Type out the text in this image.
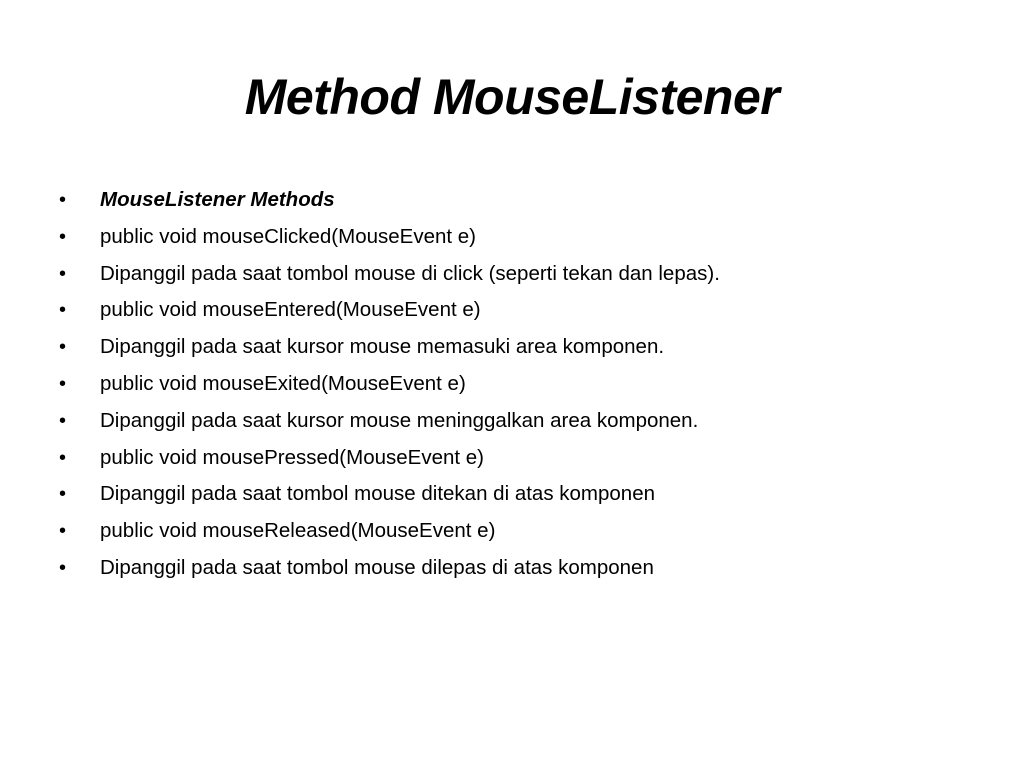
Method MouseListener
• MouseListener Methods
• public void mouseClicked(MouseEvent e)
• Dipanggil pada saat tombol mouse di click (seperti tekan dan lepas).
• public void mouseEntered(MouseEvent e)
• Dipanggil pada saat kursor mouse memasuki area komponen.
• public void mouseExited(MouseEvent e)
• Dipanggil pada saat kursor mouse meninggalkan area komponen.
• public void mousePressed(MouseEvent e)
• Dipanggil pada saat tombol mouse ditekan di atas komponen
• public void mouseReleased(MouseEvent e)
• Dipanggil pada saat tombol mouse dilepas di atas komponen
